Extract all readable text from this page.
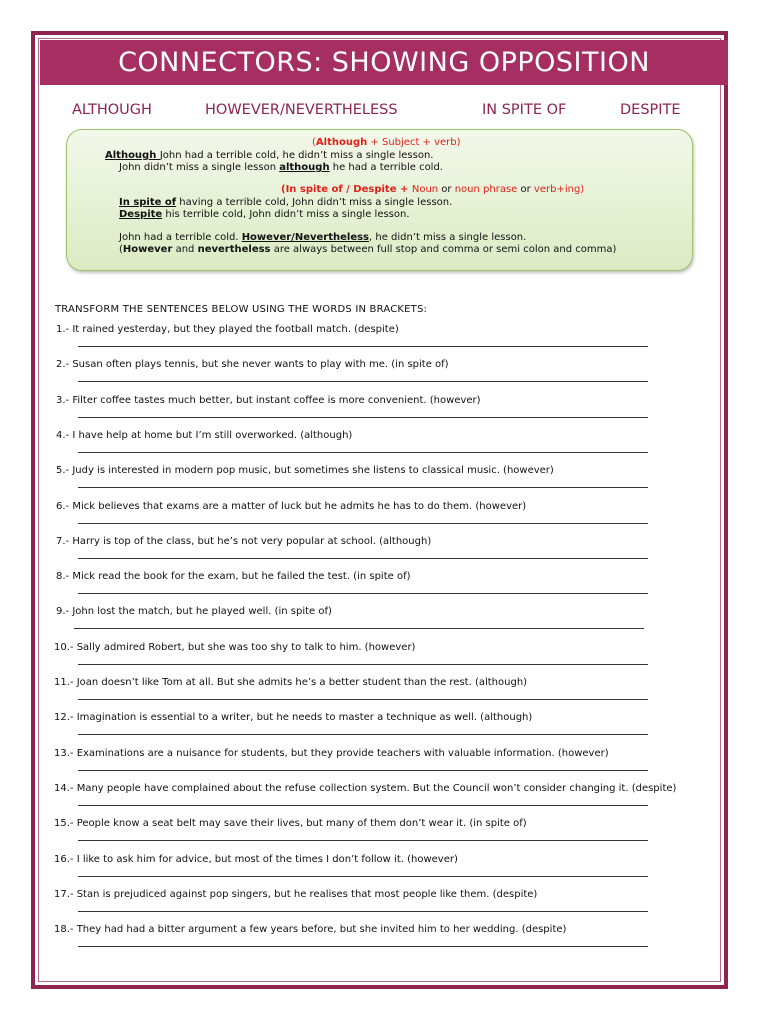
CONNECTORS: SHOWING OPPOSITION
ALTHOUGH	HOWEVER/NEVERTHELESS	IN SPITE OF	DESPITE
(Although + Subject + verb)
Although John had a terrible cold, he didn’t miss a single lesson.
John didn’t miss a single lesson although he had a terrible cold.
(In spite of / Despite + Noun or noun phrase or verb+ing)
In spite of having a terrible cold, John didn’t miss a single lesson.
Despite his terrible cold, John didn’t miss a single lesson.
John had a terrible cold. However/Nevertheless, he didn’t miss a single lesson.
(However and nevertheless are always between full stop and comma or semi colon and comma)
TRANSFORM THE SENTENCES BELOW USING THE WORDS IN BRACKETS:
1.- It rained yesterday, but they played the football match. (despite)
2.- Susan often plays tennis, but she never wants to play with me. (in spite of)
3.- Filter coffee tastes much better, but instant coffee is more convenient. (however)
4.- I have help at home but I’m still overworked. (although)
5.- Judy is interested in modern pop music, but sometimes she listens to classical music. (however)
6.- Mick believes that exams are a matter of luck but he admits he has to do them. (however)
7.- Harry is top of the class, but he’s not very popular at school. (although)
8.- Mick read the book for the exam, but he failed the test. (in spite of)
9.- John lost the match, but he played well. (in spite of)
10.- Sally admired Robert, but she was too shy to talk to him. (however)
11.- Joan doesn’t like Tom at all. But she admits he’s a better student than the rest. (although)
12.- Imagination is essential to a writer, but he needs to master a technique as well. (although)
13.- Examinations are a nuisance for students, but they provide teachers with valuable information. (however)
14.- Many people have complained about the refuse collection system. But the Council won’t consider changing it. (despite)
15.- People know a seat belt may save their lives, but many of them don’t wear it. (in spite of)
16.- I like to ask him for advice, but most of the times I don’t follow it. (however)
17.- Stan is prejudiced against pop singers, but he realises that most people like them. (despite)
18.- They had had a bitter argument a few years before, but she invited him to her wedding. (despite)
